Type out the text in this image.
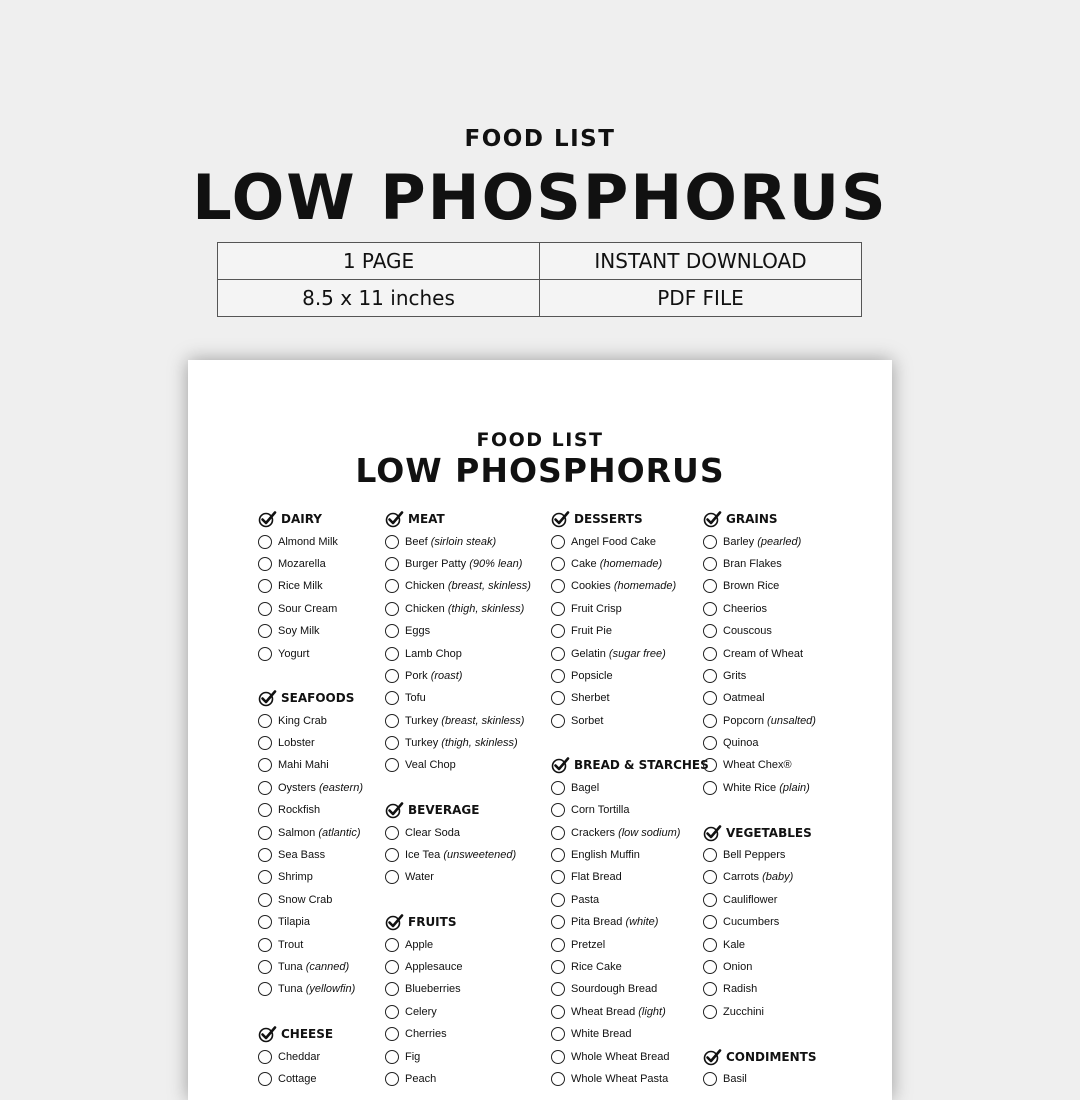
FOOD LIST
LOW PHOSPHORUS
1 PAGE	INSTANT DOWNLOAD
8.5 x 11 inches	PDF FILE
FOOD LIST
LOW PHOSPHORUS
DAIRY
Almond Milk
Mozarella
Rice Milk
Sour Cream
Soy Milk
Yogurt
SEAFOODS
King Crab
Lobster
Mahi Mahi
Oysters (eastern)
Rockfish
Salmon (atlantic)
Sea Bass
Shrimp
Snow Crab
Tilapia
Trout
Tuna (canned)
Tuna (yellowfin)
CHEESE
Cheddar
Cottage
MEAT
Beef (sirloin steak)
Burger Patty (90% lean)
Chicken (breast, skinless)
Chicken (thigh, skinless)
Eggs
Lamb Chop
Pork (roast)
Tofu
Turkey (breast, skinless)
Turkey (thigh, skinless)
Veal Chop
BEVERAGE
Clear Soda
Ice Tea (unsweetened)
Water
FRUITS
Apple
Applesauce
Blueberries
Celery
Cherries
Fig
Peach
DESSERTS
Angel Food Cake
Cake (homemade)
Cookies (homemade)
Fruit Crisp
Fruit Pie
Gelatin (sugar free)
Popsicle
Sherbet
Sorbet
BREAD & STARCHES
Bagel
Corn Tortilla
Crackers (low sodium)
English Muffin
Flat Bread
Pasta
Pita Bread (white)
Pretzel
Rice Cake
Sourdough Bread
Wheat Bread (light)
White Bread
Whole Wheat Bread
Whole Wheat Pasta
GRAINS
Barley (pearled)
Bran Flakes
Brown Rice
Cheerios
Couscous
Cream of Wheat
Grits
Oatmeal
Popcorn (unsalted)
Quinoa
Wheat Chex®
White Rice (plain)
VEGETABLES
Bell Peppers
Carrots (baby)
Cauliflower
Cucumbers
Kale
Onion
Radish
Zucchini
CONDIMENTS
Basil
